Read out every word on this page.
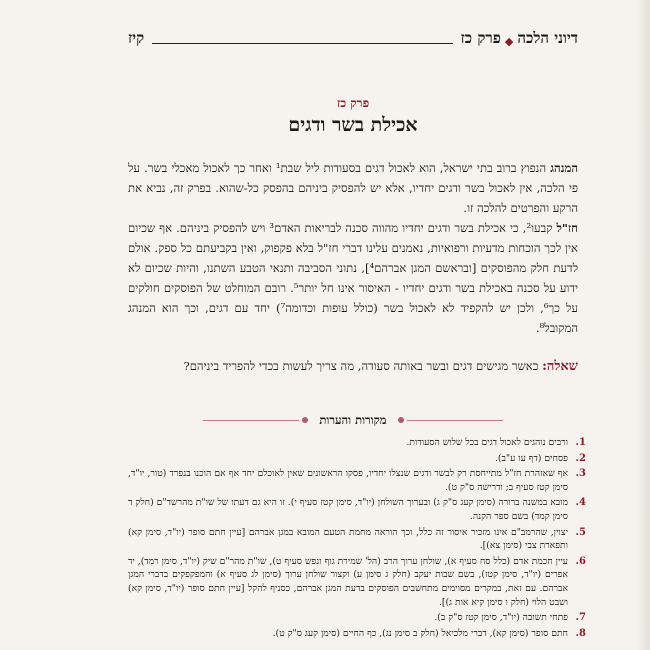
דיוני הלכה
◆
פרק כז
קיז
פרק כז
אכילת בשר ודגים
המנהג הנפוץ ברוב בתי ישראל, הוא לאכול דגים בסעודות ליל שבת¹ ואחר כך לאכול מאכלי בשר. על פי הלכה, אין לאכול בשר ודגים יחדיו, אלא יש להפסיק ביניהם בהפסק כל-שהוא. בפרק זה, נביא את הרקע והפרטים להלכה זו.
חז"ל קבעו², כי אכילת בשר ודגים יחדיו מהווה סכנה לבריאות האדם³ ויש להפסיק ביניהם. אף שכיום אין לכך הוכחות מדעיות ורפואיות, נאמנים עלינו דברי חז"ל בלא פקפוק, ואין בקביעתם כל ספק. אולם לדעת חלק מהפוסקים [ובראשם המגן אברהם⁴], נתוני הסביבה ותנאי הטבע השתנו, והיות שכיום לא ידוע על סכנה באכילת בשר ודגים יחדיו - האיסור אינו חל יותר⁵. רובם המוחלט של הפוסקים חולקים על כך⁶, ולכן יש להקפיד לא לאכול בשר (כולל עופות וכדומה⁷) יחד עם דגים, וכך הוא המנהג המקובל⁸.
שאלה: כאשר מגישים דגים ובשר באותה סעודה, מה צריך לעשות בכדי להפריד ביניהם?
מקורות והערות
1.
ורבים נוהגים לאכול דגים בכל שלוש הסעודות.
2.
פסחים (דף עו ע"ב).
3.
אף שאזהרת חז"ל מתייחסת רק לבשר ודגים שנצלו יחדיו, פסקו הראשונים שאין לאוכלם יחד אף אם הוכנו בנפרד (טור, יו"ד, סימן קטז סעיף ב; ודרישה ס"ק ט).
4.
מובא במשנה ברורה (סימן קעג ס"ק ג) ובערוך השולחן (יו"ד, סימן קטז סעיף י). זו היא גם דעתו של שו"ת מהרשד"ם (חלק ד סימן קמד) בשם ספר הקנה.
5.
יצוין, שהרמב"ם אינו מזכיר איסור זה כלל, וכך הוראה מחמת הטעם המובא במגן אברהם [עיין חתם סופר (יו"ד, סימן קא) ותפארת צבי (סימן צא)].
6.
עיין חכמת אדם (כלל סח סעיף א), שולחן ערוך הרב (הל' שמירת גוף ונפש סעיף ט), שו"ת מהר"ם שיק (יו"ד, סימן רמד), יד אפרים (יו"ד, סימן קטז), בשם שבות יעקב (חלק ג סימן ע) וקצור שולחן ערוך (סימן לג סעיף א) והמפקפקים בדברי המגן אברהם. עם זאת, במקרים מסוימים מתחשבים הפוסקים בדעת המגן אברהם, כסניף להקל [עיין חתם סופר (יו"ד, סימן קא) ושבט הלוי (חלק ו סימן קיא אות ג)].
7.
פתחי תשובה (יו"ד, סימן קטז ס"ק ב).
8.
חתם סופר (סימן קא), דברי מלכיאל (חלק ב סימן נג), כף החיים (סימן קעג ס"ק ט).
